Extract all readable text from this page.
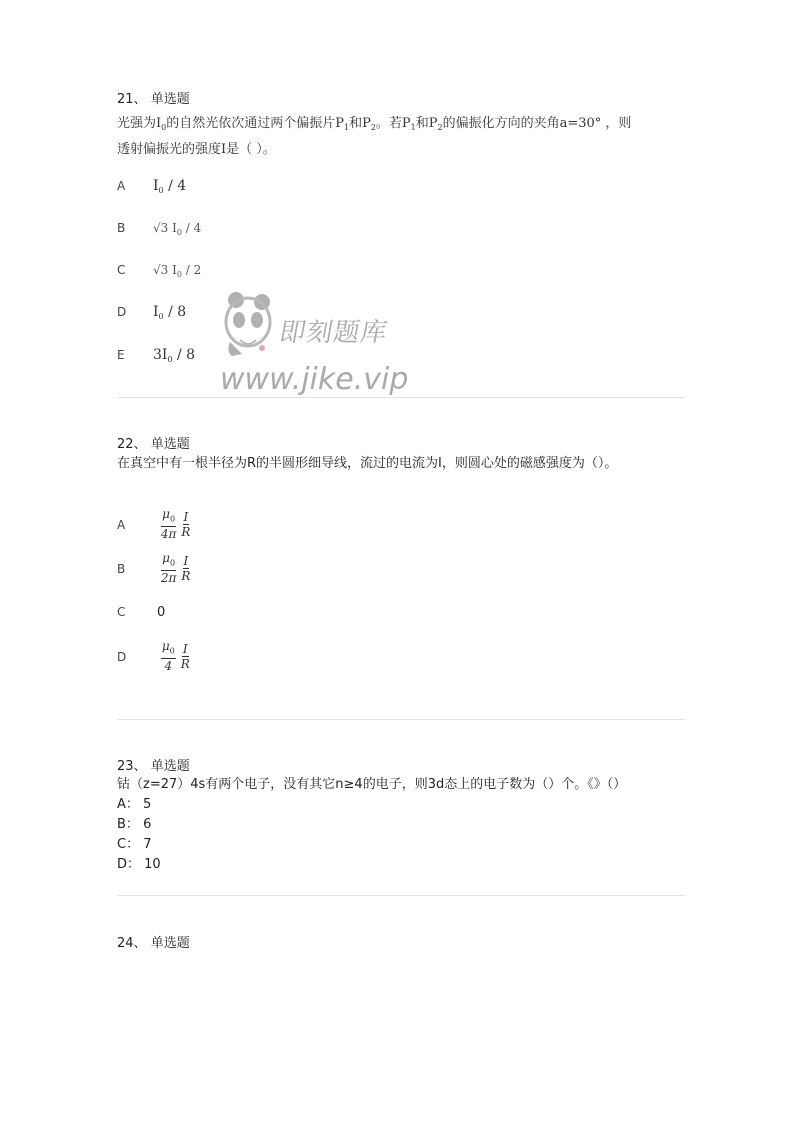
21、 单选题
光强为$I_0$的自然光依次通过两个偏振片$P_1$和$P_2$。若$P_1$和$P_2$的偏振化方向的夹角a=30° ，则
透射偏振光的强度I是（ ）。
A $I_0 / 4$
B √3 $I_0 / 4$
C √3 $I_0 / 2$
D $I_0 / 8$
E $3I_0 / 8$
即刻题库
www.jike.vip
22、 单选题
在真空中有一根半径为R的半圆形细导线，流过的电流为I，则圆心处的磁感强度为（）。
A	$\frac{\mu_0}{4\pi} \frac{I}{R}$
B	$\frac{\mu_0}{2\pi} \frac{I}{R}$
C 0
D	$\frac{\mu_0}{4} \frac{I}{R}$
23、 单选题
钴（z=27）4s有两个电子，没有其它n≥4的电子，则3d态上的电子数为（）个。《》（）
A： 5
B： 6
C： 7
D： 10
24、 单选题
